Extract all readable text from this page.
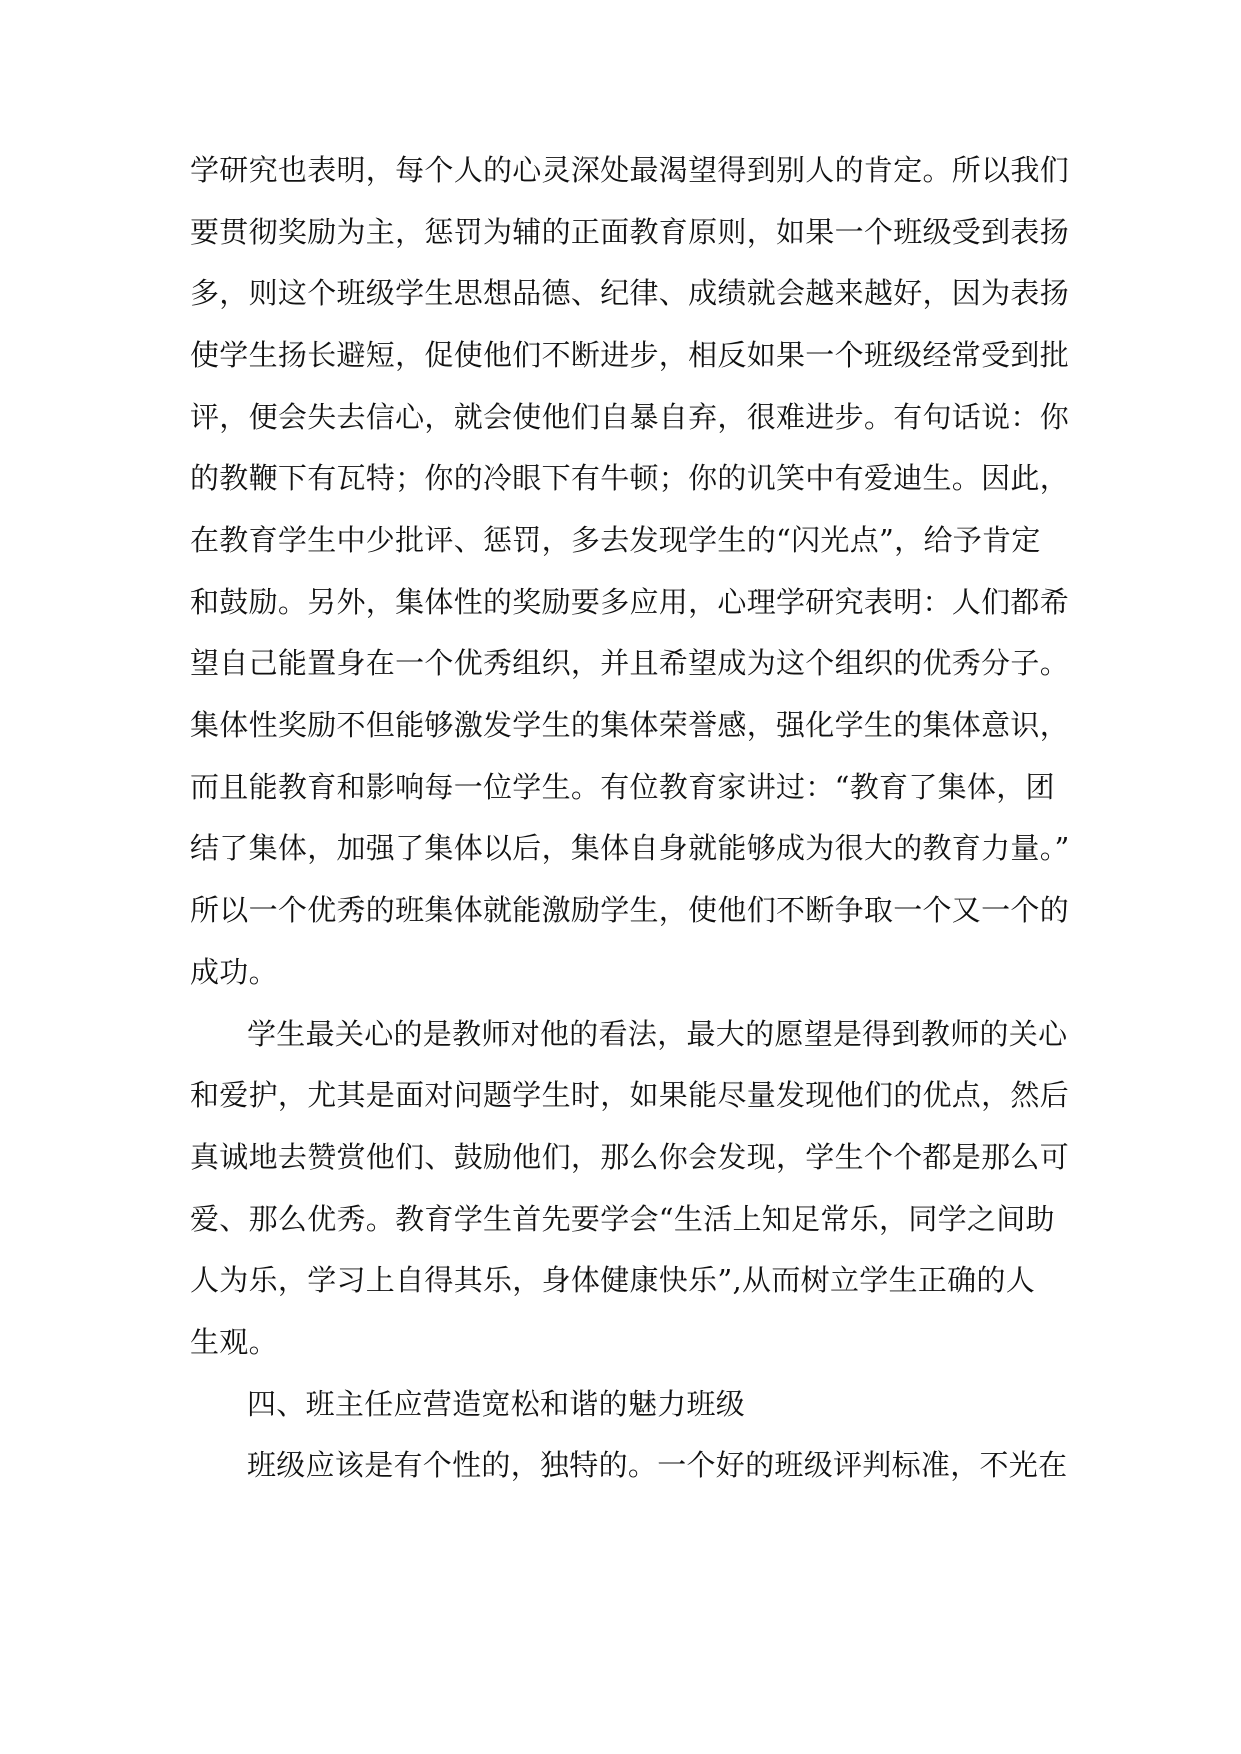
学研究也表明，每个人的心灵深处最渴望得到别人的肯定。所以我们

要贯彻奖励为主，惩罚为辅的正面教育原则，如果一个班级受到表扬

多，则这个班级学生思想品德、纪律、成绩就会越来越好，因为表扬

使学生扬长避短，促使他们不断进步，相反如果一个班级经常受到批

评，便会失去信心，就会使他们自暴自弃，很难进步。有句话说：你

的教鞭下有瓦特；你的冷眼下有牛顿；你的讥笑中有爱迪生。因此，

在教育学生中少批评、惩罚，多去发现学生的“闪光点”，给予肯定

和鼓励。另外，集体性的奖励要多应用，心理学研究表明：人们都希

望自己能置身在一个优秀组织，并且希望成为这个组织的优秀分子。

集体性奖励不但能够激发学生的集体荣誉感，强化学生的集体意识，

而且能教育和影响每一位学生。有位教育家讲过：“教育了集体，团

结了集体，加强了集体以后，集体自身就能够成为很大的教育力量。”

所以一个优秀的班集体就能激励学生，使他们不断争取一个又一个的

成功。

学生最关心的是教师对他的看法，最大的愿望是得到教师的关心

和爱护，尤其是面对问题学生时，如果能尽量发现他们的优点，然后

真诚地去赞赏他们、鼓励他们，那么你会发现，学生个个都是那么可

爱、那么优秀。教育学生首先要学会“生活上知足常乐，同学之间助

人为乐，学习上自得其乐，身体健康快乐”,从而树立学生正确的人

生观。

四、班主任应营造宽松和谐的魅力班级

班级应该是有个性的，独特的。一个好的班级评判标准，不光在
